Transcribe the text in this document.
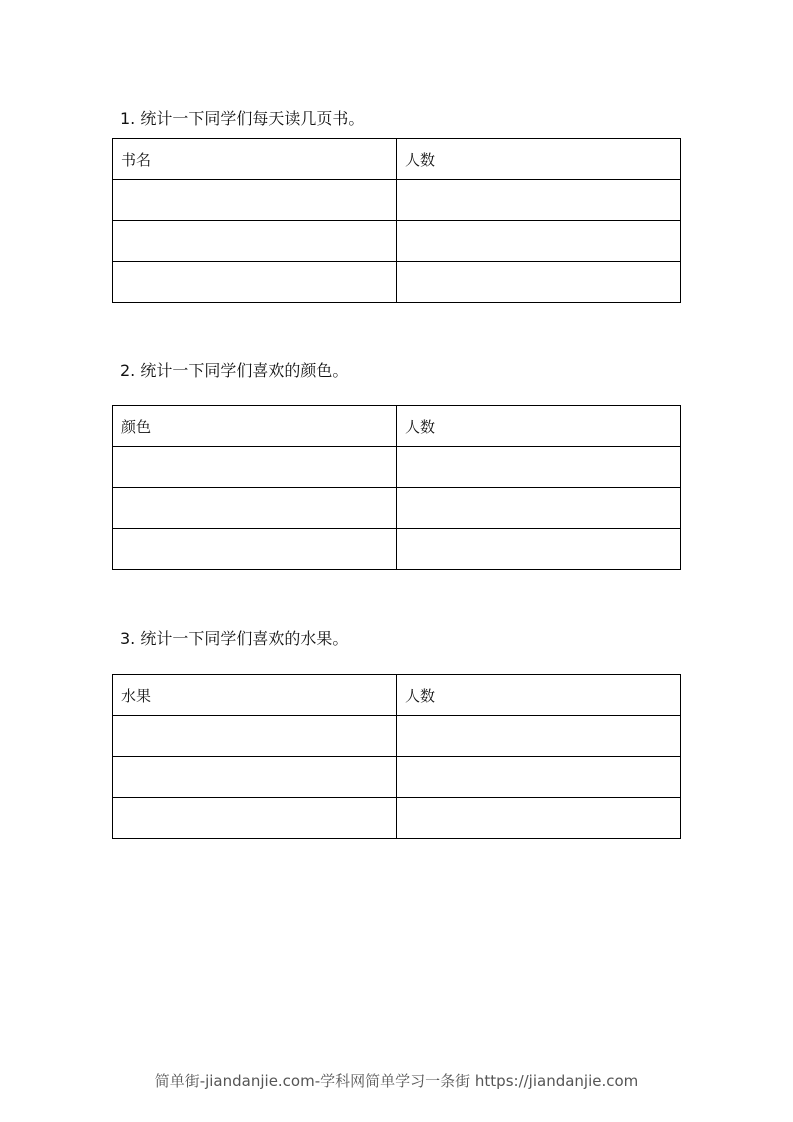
1. 统计一下同学们每天读几页书。
书名	人数

2. 统计一下同学们喜欢的颜色。
颜色	人数

3. 统计一下同学们喜欢的水果。
水果	人数

简单街-jiandanjie.com-学科网简单学习一条街 https://jiandanjie.com
